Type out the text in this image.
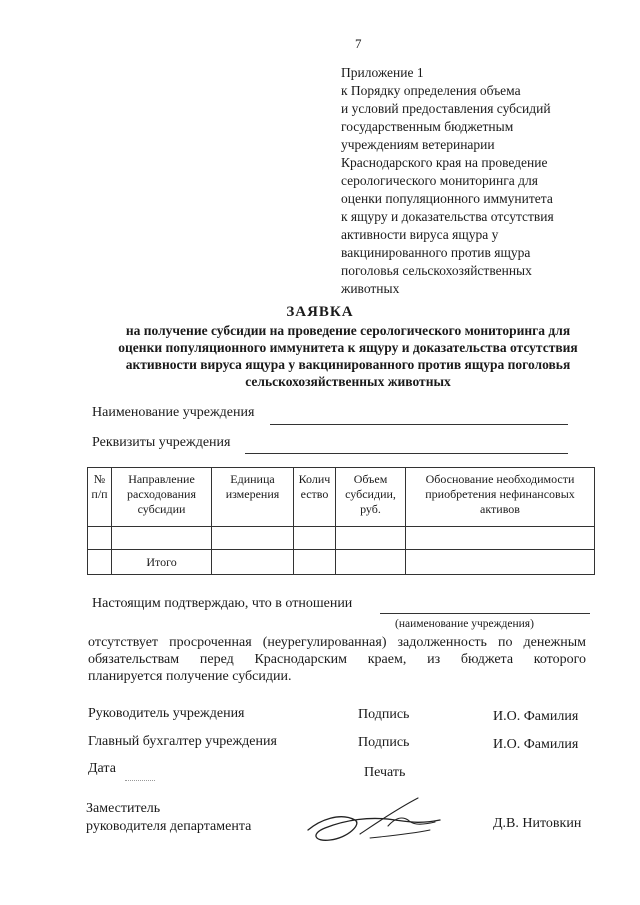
7
Приложение 1
к Порядку определения объема
и условий предоставления субсидий
государственным бюджетным
учреждениям ветеринарии
Краснодарского края на проведение
серологического мониторинга для
оценки популяционного иммунитета
к ящуру и доказательства отсутствия
активности вируса ящура у
вакцинированного против ящура
поголовья сельскохозяйственных
животных
ЗАЯВКА
на получение субсидии на проведение серологического мониторинга для
оценки популяционного иммунитета к ящуру и доказательства отсутствия
активности вируса ящура у вакцинированного против ящура поголовья
сельскохозяйственных животных
Наименование учреждения
Реквизиты учреждения
№ п/п	Направление расходования субсидии	Единица измерения	Количество	Объем субсидии, руб.	Обоснование необходимости приобретения нефинансовых активов

	Итого				
Настоящим подтверждаю, что в отношении
(наименование учреждения)
отсутствует просроченная (неурегулированная) задолженность по денежным
обязательствам перед Краснодарским краем, из бюджета которого
планируется получение субсидии.
Руководитель учреждения	Подпись	И.О. Фамилия
Главный бухгалтер учреждения	Подпись	И.О. Фамилия
Дата	Печать
Заместитель
руководителя департамента	Д.В. Нитовкин
